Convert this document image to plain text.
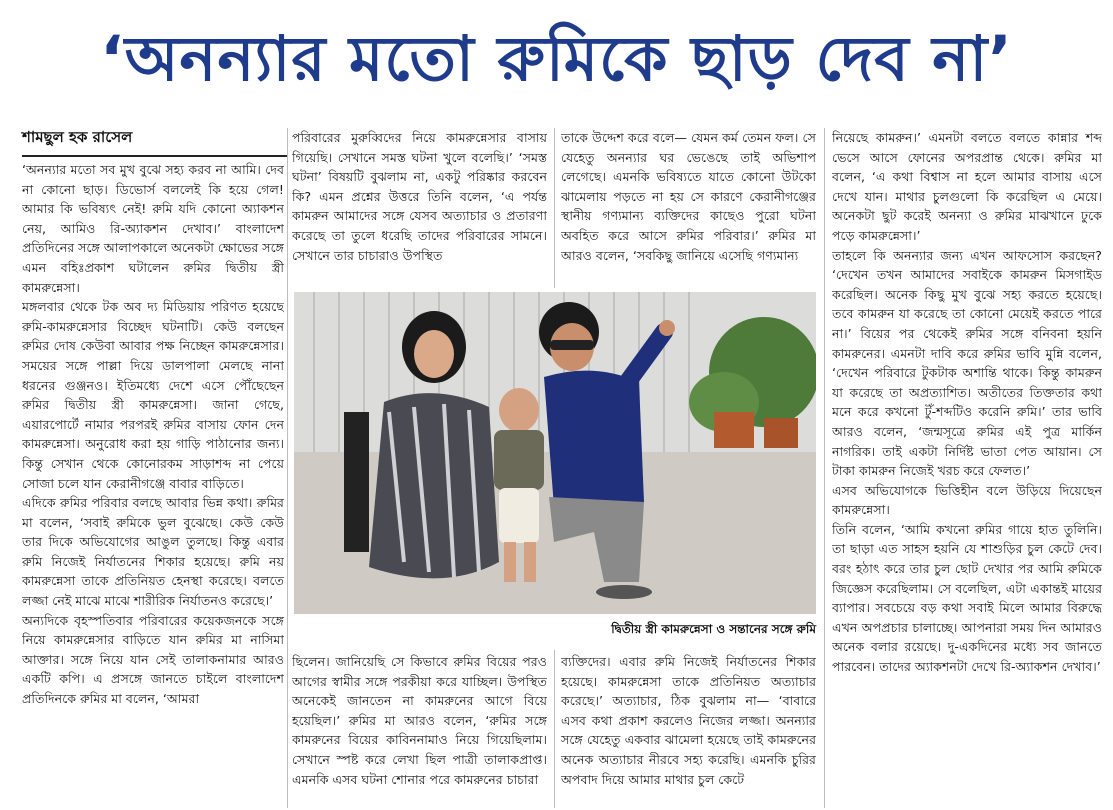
‘অনন্যার মতো রুমিকে ছাড় দেব না’
শামছুল হক রাসেল

‘অনন্যার মতো সব মুখ বুঝে সহ্য করব না আমি। দেব না কোনো ছাড়। ডিভোর্স বললেই কি হয়ে গেল! আমার কি ভবিষ্যৎ নেই! রুমি যদি কোনো অ্যাকশন নেয়, আমিও রি-অ্যাকশন দেখাব।’ বাংলাদেশ প্রতিদিনের সঙ্গে আলাপকালে অনেকটা ক্ষোভের সঙ্গে এমন বহিঃপ্রকাশ ঘটালেন রুমির দ্বিতীয় স্ত্রী কামরুন্নেসা।

মঙ্গলবার থেকে টক অব দ্য মিডিয়ায় পরিণত হয়েছে রুমি-কামরুন্নেসার বিচ্ছেদ ঘটনাটি। কেউ বলছেন রুমির দোষ কেউবা আবার পক্ষ নিচ্ছেন কামরুন্নেসার। সময়ের সঙ্গে পাল্লা দিয়ে ডালপালা মেলছে নানা ধরনের গুঞ্জনও। ইতিমধ্যে দেশে এসে পৌঁছেছেন রুমির দ্বিতীয় স্ত্রী কামরুন্নেসা। জানা গেছে, এয়ারপোর্টে নামার পরপরই রুমির বাসায় ফোন দেন কামরুন্নেসা। অনুরোধ করা হয় গাড়ি পাঠানোর জন্য। কিন্তু সেখান থেকে কোনোরকম সাড়াশব্দ না পেয়ে সোজা চলে যান কেরানীগঞ্জে বাবার বাড়িতে।

এদিকে রুমির পরিবার বলছে আবার ভিন্ন কথা। রুমির মা বলেন, ‘সবাই রুমিকে ভুল বুঝেছে। কেউ কেউ তার দিকে অভিযোগের আঙুল তুলছে। কিন্তু এবার রুমি নিজেই নির্যাতনের শিকার হয়েছে। রুমি নয় কামরুন্নেসা তাকে প্রতিনিয়ত হেনস্থা করেছে। বলতে লজ্জা নেই মাঝে মাঝে শারীরিক নির্যাতনও করেছে।’

অন্যদিকে বৃহস্পতিবার পরিবারের কয়েকজনকে সঙ্গে নিয়ে কামরুন্নেসার বাড়িতে যান রুমির মা নাসিমা আক্তার। সঙ্গে নিয়ে যান সেই তালাকনামার আরও একটি কপি। এ প্রসঙ্গে জানতে চাইলে বাংলাদেশ প্রতিদিনকে রুমির মা বলেন, ‘আমরা

পরিবারের মুরুব্বিদের নিয়ে কামরুন্নেসার বাসায় গিয়েছি। সেখানে সমস্ত ঘটনা খুলে বলেছি।’ ‘সমস্ত ঘটনা’ বিষয়টি বুঝলাম না, একটু পরিষ্কার করবেন কি? এমন প্রশ্নের উত্তরে তিনি বলেন, ‘এ পর্যন্ত কামরুন আমাদের সঙ্গে যেসব অত্যাচার ও প্রতারণা করেছে তা তুলে ধরেছি তাদের পরিবারের সামনে। সেখানে তার চাচারাও উপস্থিত

তাকে উদ্দেশ করে বলে— যেমন কর্ম তেমন ফল। সে যেহেতু অনন্যার ঘর ভেঙেছে তাই অভিশাপ লেগেছে। এমনকি ভবিষ্যতে যাতে কোনো উটকো ঝামেলায় পড়তে না হয় সে কারণে কেরানীগঞ্জের স্থানীয় গণ্যমান্য ব্যক্তিদের কাছেও পুরো ঘটনা অবহিত করে আসে রুমির পরিবার।’ রুমির মা আরও বলেন, ‘সবকিছু জানিয়ে এসেছি গণ্যমান্য

নিয়েছে কামরুন।’ এমনটা বলতে বলতে কান্নার শব্দ ভেসে আসে ফোনের অপরপ্রান্ত থেকে। রুমির মা বলেন, ‘এ কথা বিশ্বাস না হলে আমার বাসায় এসে দেখে যান। মাথার চুলগুলো কি করেছিল এ মেয়ে। অনেকটা ছুট করেই অনন্যা ও রুমির মাঝখানে ঢুকে পড়ে কামরুন্নেসা।’

তাহলে কি অনন্যার জন্য এখন আফসোস করছেন? ‘দেখেন তখন আমাদের সবাইকে কামরুন মিসগাইড করেছিল। অনেক কিছু মুখ বুঝে সহ্য করতে হয়েছে। তবে কামরুন যা করেছে তা কোনো মেয়েই করতে পারে না।’ বিয়ের পর থেকেই রুমির সঙ্গে বনিবনা হয়নি কামরুনের। এমনটা দাবি করে রুমির ভাবি মুন্নি বলেন, ‘দেখেন পরিবারে টুকটাক অশান্তি থাকে। কিন্তু কামরুন যা করেছে তা অপ্রত্যাশিত। অতীতের তিক্ততার কথা মনে করে কখনো টুঁ-শব্দটিও করেনি রুমি।’ তার ভাবি আরও বলেন, ‘জন্মসূত্রে রুমির এই পুত্র মার্কিন নাগরিক। তাই একটা নির্দিষ্ট ভাতা পেত আয়ান। সে টাকা কামরুন নিজেই খরচ করে ফেলত।’

এসব অভিযোগকে ভিত্তিহীন বলে উড়িয়ে দিয়েছেন কামরুন্নেসা।

তিনি বলেন, ‘আমি কখনো রুমির গায়ে হাত তুলিনি। তা ছাড়া এত সাহস হয়নি যে শাশুড়ির চুল কেটে দেব। বরং হঠাৎ করে তার চুল ছোট দেখার পর আমি রুমিকে জিজ্ঞেস করেছিলাম। সে বলেছিল, এটা একান্তই মায়ের ব্যাপার। সবচেয়ে বড় কথা সবাই মিলে আমার বিরুদ্ধে এখন অপপ্রচার চালাচ্ছে। আপনারা সময় দিন আমারও অনেক বলার রয়েছে। দু-একদিনের মধ্যে সব জানতে পারবেন। তাদের অ্যাকশনটা দেখে রি-অ্যাকশন দেখাব।’

দ্বিতীয় স্ত্রী কামরুন্নেসা ও সন্তানের সঙ্গে রুমি

ছিলেন। জানিয়েছি সে কিভাবে রুমির বিয়ের পরও আগের স্বামীর সঙ্গে পরকীয়া করে যাচ্ছিল। উপস্থিত অনেকেই জানতেন না কামরুনের আগে বিয়ে হয়েছিল।’ রুমির মা আরও বলেন, ‘রুমির সঙ্গে কামরুনের বিয়ের কাবিননামাও নিয়ে গিয়েছিলাম। সেখানে স্পষ্ট করে লেখা ছিল পাত্রী তালাকপ্রাপ্ত। এমনকি এসব ঘটনা শোনার পরে কামরুনের চাচারা

ব্যক্তিদের। এবার রুমি নিজেই নির্যাতনের শিকার হয়েছে। কামরুন্নেসা তাকে প্রতিনিয়ত অত্যাচার করেছে।’ অত্যাচার, ঠিক বুঝলাম না— ‘বাবারে এসব কথা প্রকাশ করলেও নিজের লজ্জা। অনন্যার সঙ্গে যেহেতু একবার ঝামেলা হয়েছে তাই কামরুনের অনেক অত্যাচার নীরবে সহ্য করেছি। এমনকি চুরির অপবাদ দিয়ে আমার মাথার চুল কেটে
